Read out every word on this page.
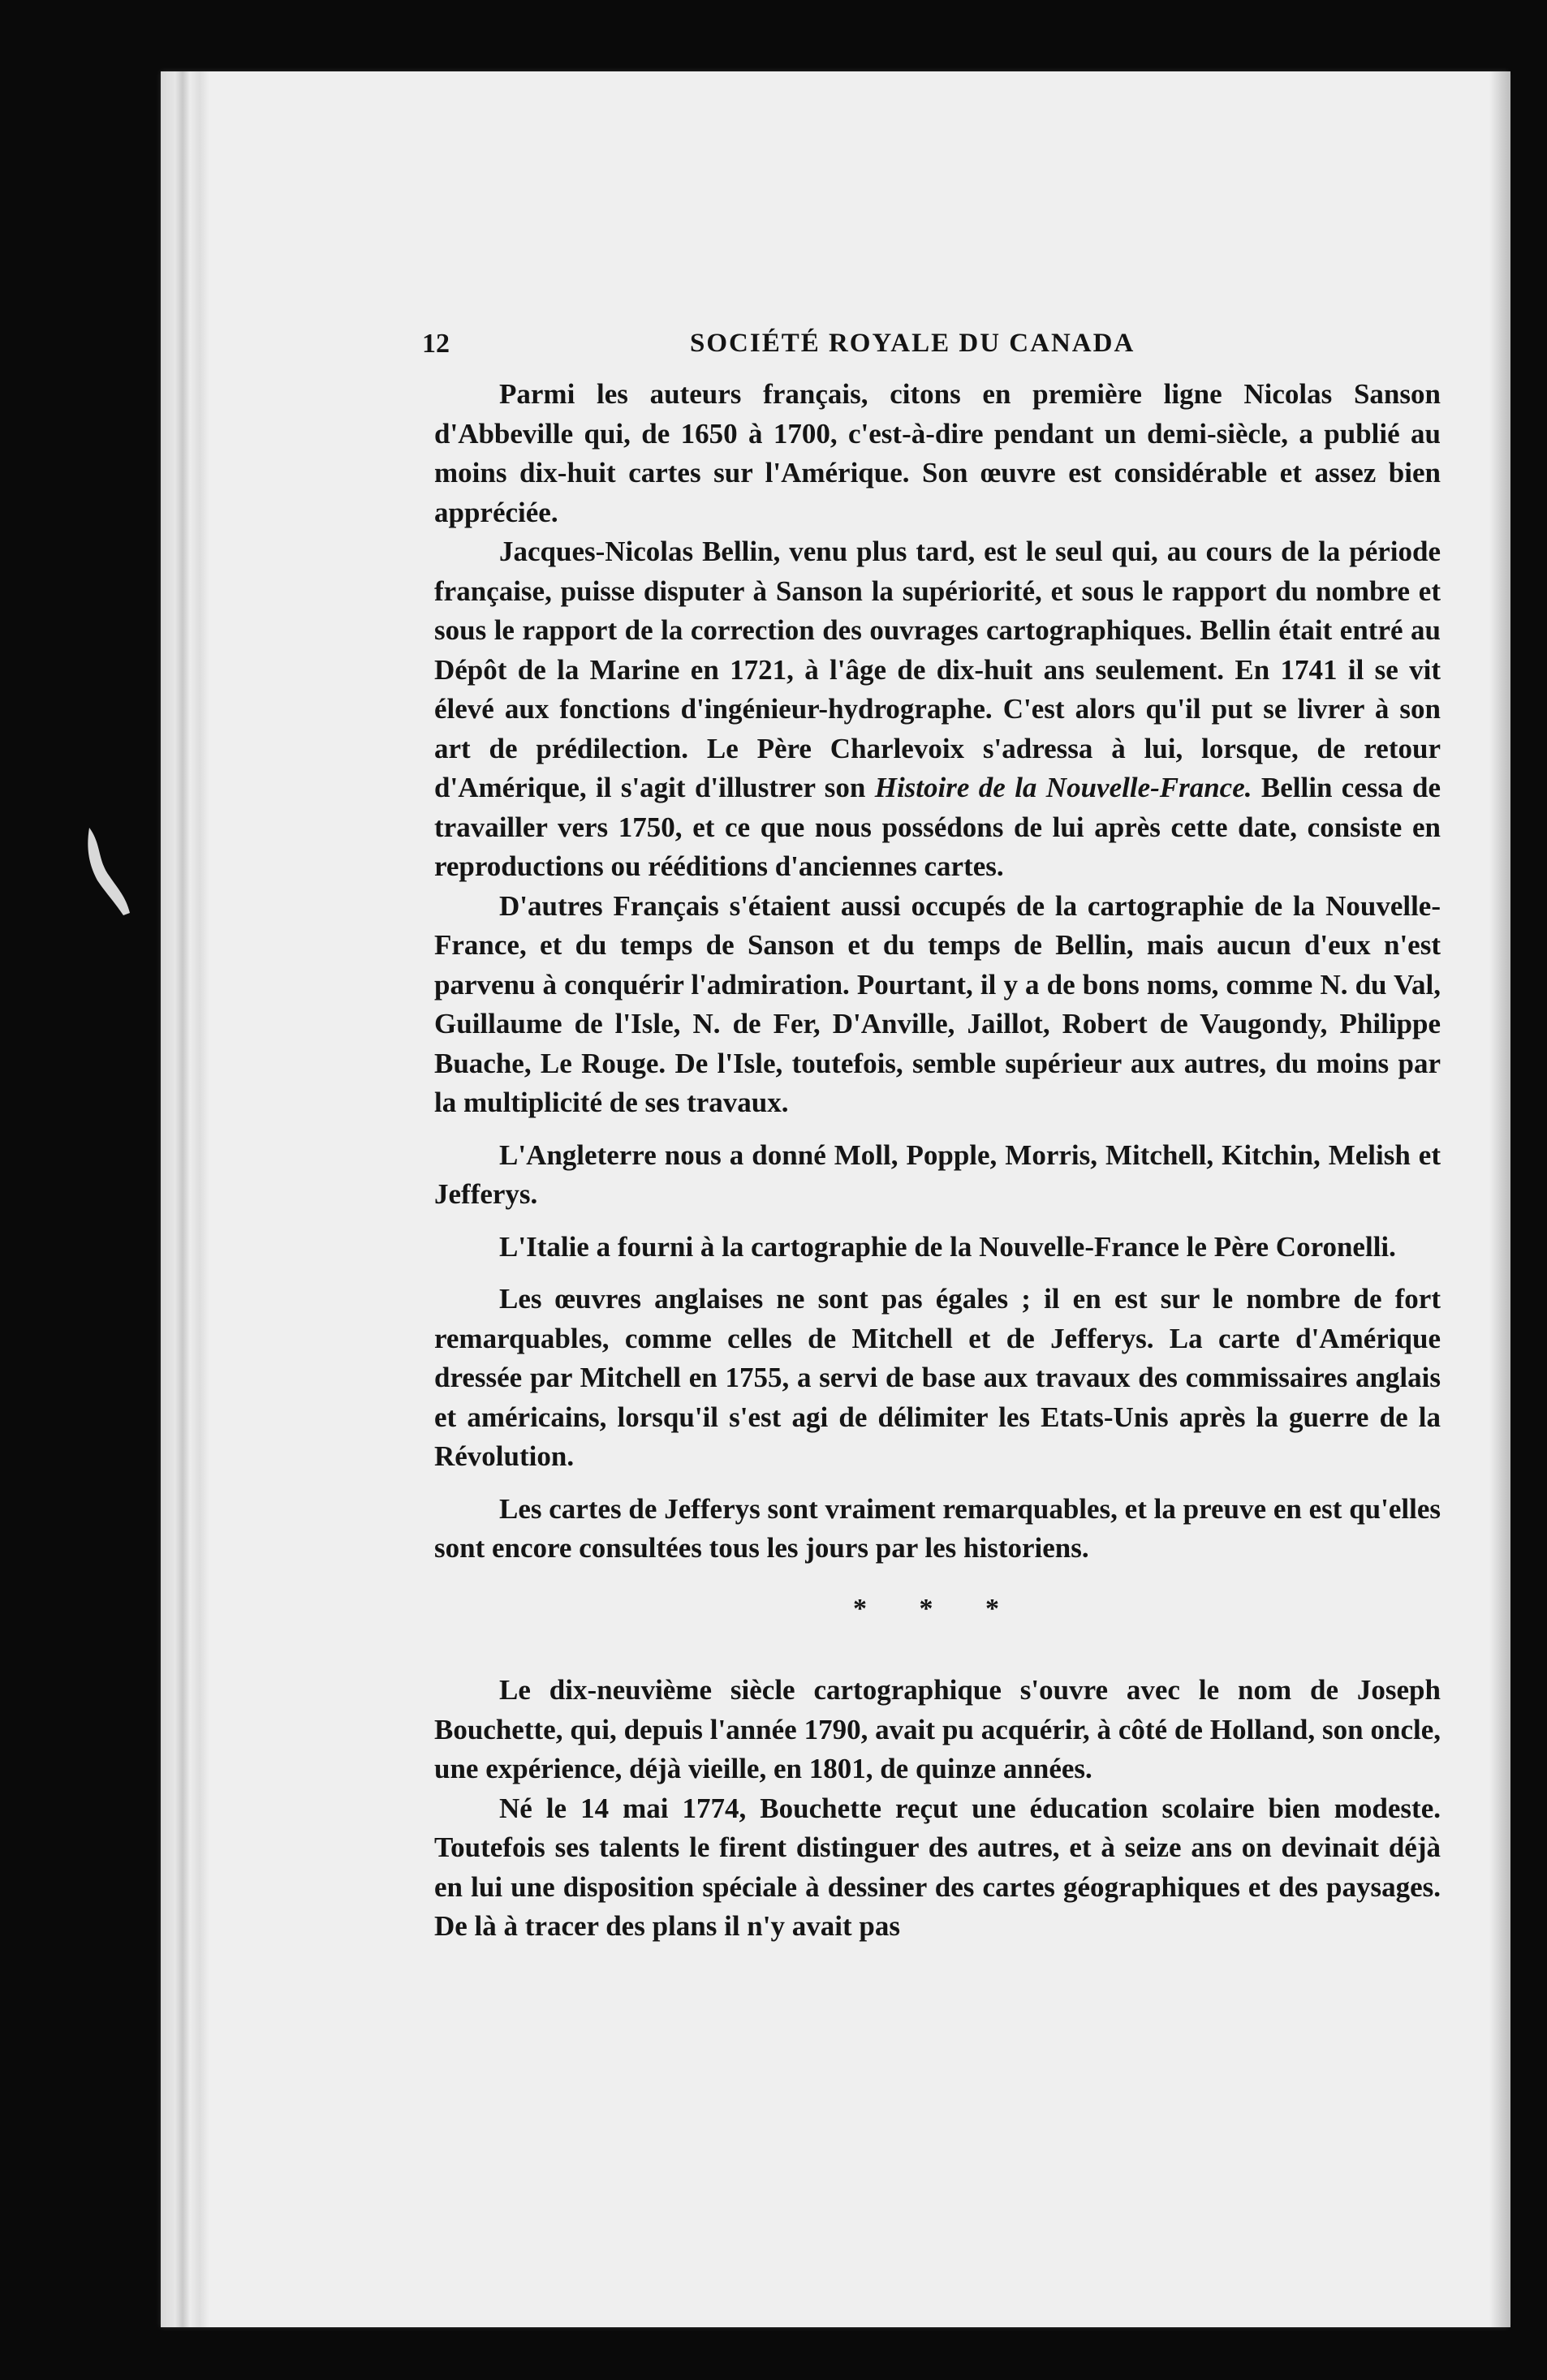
12	SOCIÉTÉ ROYALE DU CANADA

Parmi les auteurs français, citons en première ligne Nicolas Sanson d'Abbeville qui, de 1650 à 1700, c'est-à-dire pendant un demi-siècle, a publié au moins dix-huit cartes sur l'Amérique. Son œuvre est considérable et assez bien appréciée.

Jacques-Nicolas Bellin, venu plus tard, est le seul qui, au cours de la période française, puisse disputer à Sanson la supériorité, et sous le rapport du nombre et sous le rapport de la correction des ouvrages cartographiques. Bellin était entré au Dépôt de la Marine en 1721, à l'âge de dix-huit ans seulement. En 1741 il se vit élevé aux fonctions d'ingénieur-hydrographe. C'est alors qu'il put se livrer à son art de prédilection. Le Père Charlevoix s'adressa à lui, lorsque, de retour d'Amérique, il s'agit d'illustrer son Histoire de la Nouvelle-France. Bellin cessa de travailler vers 1750, et ce que nous possédons de lui après cette date, consiste en reproductions ou rééditions d'anciennes cartes.

D'autres Français s'étaient aussi occupés de la cartographie de la Nouvelle-France, et du temps de Sanson et du temps de Bellin, mais aucun d'eux n'est parvenu à conquérir l'admiration. Pourtant, il y a de bons noms, comme N. du Val, Guillaume de l'Isle, N. de Fer, D'Anville, Jaillot, Robert de Vaugondy, Philippe Buache, Le Rouge. De l'Isle, toutefois, semble supérieur aux autres, du moins par la multiplicité de ses travaux.

L'Angleterre nous a donné Moll, Popple, Morris, Mitchell, Kitchin, Melish et Jefferys.

L'Italie a fourni à la cartographie de la Nouvelle-France le Père Coronelli.

Les œuvres anglaises ne sont pas égales ; il en est sur le nombre de fort remarquables, comme celles de Mitchell et de Jefferys. La carte d'Amérique dressée par Mitchell en 1755, a servi de base aux travaux des commissaires anglais et américains, lorsqu'il s'est agi de délimiter les Etats-Unis après la guerre de la Révolution.

Les cartes de Jefferys sont vraiment remarquables, et la preuve en est qu'elles sont encore consultées tous les jours par les historiens.

* * *

Le dix-neuvième siècle cartographique s'ouvre avec le nom de Joseph Bouchette, qui, depuis l'année 1790, avait pu acquérir, à côté de Holland, son oncle, une expérience, déjà vieille, en 1801, de quinze années.

Né le 14 mai 1774, Bouchette reçut une éducation scolaire bien modeste. Toutefois ses talents le firent distinguer des autres, et à seize ans on devinait déjà en lui une disposition spéciale à dessiner des cartes géographiques et des paysages. De là à tracer des plans il n'y avait pas
